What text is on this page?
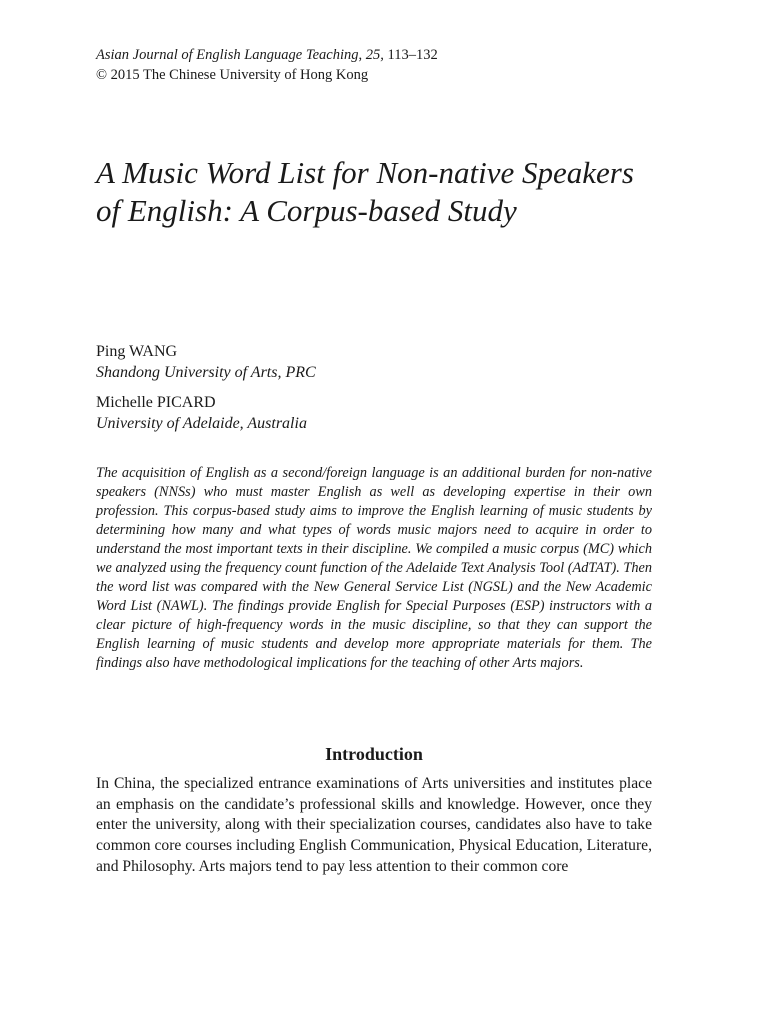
Asian Journal of English Language Teaching, 25, 113–132
© 2015 The Chinese University of Hong Kong
A Music Word List for Non-native Speakers of English: A Corpus-based Study
Ping WANG
Shandong University of Arts, PRC
Michelle PICARD
University of Adelaide, Australia

The acquisition of English as a second/foreign language is an additional burden for non-native speakers (NNSs) who must master English as well as developing expertise in their own profession. This corpus-based study aims to improve the English learning of music students by determining how many and what types of words music majors need to acquire in order to understand the most important texts in their discipline. We compiled a music corpus (MC) which we analyzed using the frequency count function of the Adelaide Text Analysis Tool (AdTAT). Then the word list was compared with the New General Service List (NGSL) and the New Academic Word List (NAWL). The findings provide English for Special Purposes (ESP) instructors with a clear picture of high-frequency words in the music discipline, so that they can support the English learning of music students and develop more appropriate materials for them. The findings also have methodological implications for the teaching of other Arts majors.

Introduction

In China, the specialized entrance examinations of Arts universities and institutes place an emphasis on the candidate’s professional skills and knowledge. However, once they enter the university, along with their specialization courses, candidates also have to take common core courses including English Communication, Physical Education, Literature, and Philosophy. Arts majors tend to pay less attention to their common core
